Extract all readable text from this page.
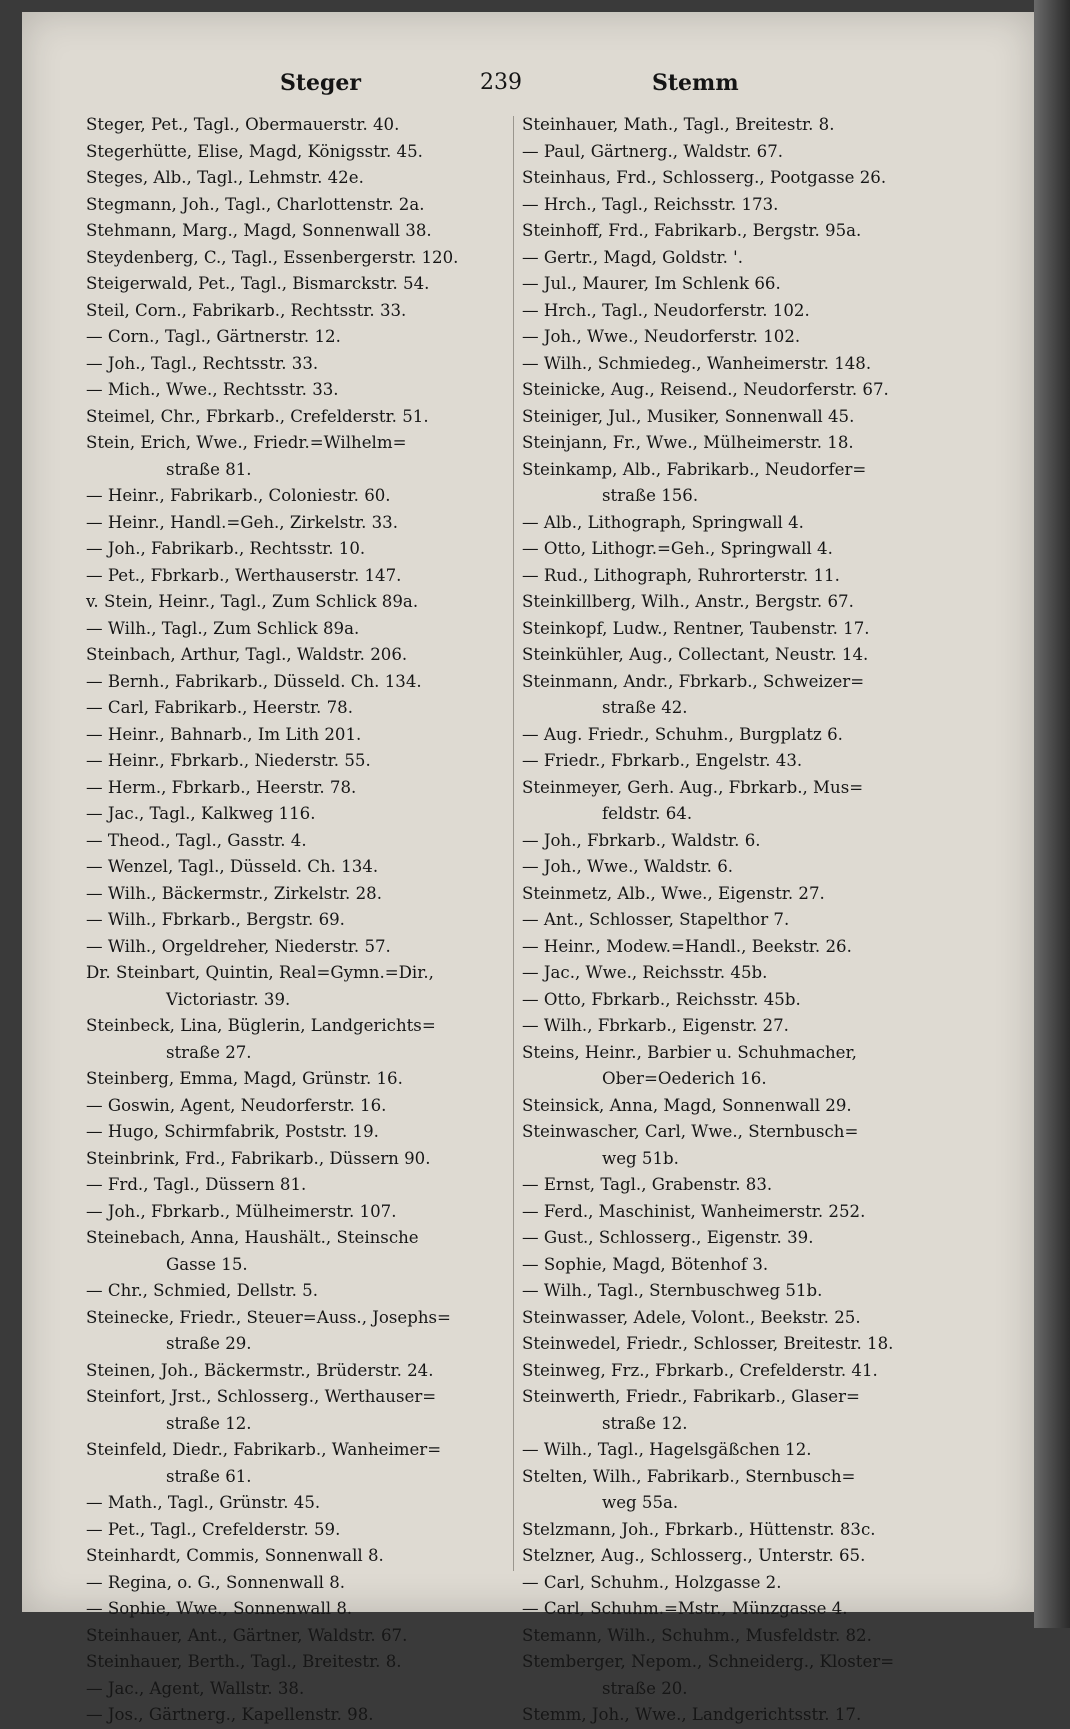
Steger	239	Stemm
Steger, Pet., Tagl., Obermauerstr. 40.
Stegerhütte, Elise, Magd, Königsstr. 45.
Steges, Alb., Tagl., Lehmstr. 42e.
Stegmann, Joh., Tagl., Charlottenstr. 2a.
Stehmann, Marg., Magd, Sonnenwall 38.
Steydenberg, C., Tagl., Essenbergerstr. 120.
Steigerwald, Pet., Tagl., Bismarckstr. 54.
Steil, Corn., Fabrikarb., Rechtsstr. 33.
— Corn., Tagl., Gärtnerstr. 12.
— Joh., Tagl., Rechtsstr. 33.
— Mich., Wwe., Rechtsstr. 33.
Steimel, Chr., Fbrkarb., Crefelderstr. 51.
Stein, Erich, Wwe., Friedr.=Wilhelm=
straße 81.
— Heinr., Fabrikarb., Coloniestr. 60.
— Heinr., Handl.=Geh., Zirkelstr. 33.
— Joh., Fabrikarb., Rechtsstr. 10.
— Pet., Fbrkarb., Werthauserstr. 147.
v. Stein, Heinr., Tagl., Zum Schlick 89a.
— Wilh., Tagl., Zum Schlick 89a.
Steinbach, Arthur, Tagl., Waldstr. 206.
— Bernh., Fabrikarb., Düsseld. Ch. 134.
— Carl, Fabrikarb., Heerstr. 78.
— Heinr., Bahnarb., Im Lith 201.
— Heinr., Fbrkarb., Niederstr. 55.
— Herm., Fbrkarb., Heerstr. 78.
— Jac., Tagl., Kalkweg 116.
— Theod., Tagl., Gasstr. 4.
— Wenzel, Tagl., Düsseld. Ch. 134.
— Wilh., Bäckermstr., Zirkelstr. 28.
— Wilh., Fbrkarb., Bergstr. 69.
— Wilh., Orgeldreher, Niederstr. 57.
Dr. Steinbart, Quintin, Real=Gymn.=Dir.,
Victoriastr. 39.
Steinbeck, Lina, Büglerin, Landgerichts=
straße 27.
Steinberg, Emma, Magd, Grünstr. 16.
— Goswin, Agent, Neudorferstr. 16.
— Hugo, Schirmfabrik, Poststr. 19.
Steinbrink, Frd., Fabrikarb., Düssern 90.
— Frd., Tagl., Düssern 81.
— Joh., Fbrkarb., Mülheimerstr. 107.
Steinebach, Anna, Haushält., Steinsche
Gasse 15.
— Chr., Schmied, Dellstr. 5.
Steinecke, Friedr., Steuer=Auss., Josephs=
straße 29.
Steinen, Joh., Bäckermstr., Brüderstr. 24.
Steinfort, Jrst., Schlosserg., Werthauser=
straße 12.
Steinfeld, Diedr., Fabrikarb., Wanheimer=
straße 61.
— Math., Tagl., Grünstr. 45.
— Pet., Tagl., Crefelderstr. 59.
Steinhardt, Commis, Sonnenwall 8.
— Regina, o. G., Sonnenwall 8.
— Sophie, Wwe., Sonnenwall 8.
Steinhauer, Ant., Gärtner, Waldstr. 67.
Steinhauer, Berth., Tagl., Breitestr. 8.
— Jac., Agent, Wallstr. 38.
— Jos., Gärtnerg., Kapellenstr. 98.
Steinhauer, Math., Tagl., Breitestr. 8.
— Paul, Gärtnerg., Waldstr. 67.
Steinhaus, Frd., Schlosserg., Pootgasse 26.
— Hrch., Tagl., Reichsstr. 173.
Steinhoff, Frd., Fabrikarb., Bergstr. 95a.
— Gertr., Magd, Goldstr. '.
— Jul., Maurer, Im Schlenk 66.
— Hrch., Tagl., Neudorferstr. 102.
— Joh., Wwe., Neudorferstr. 102.
— Wilh., Schmiedeg., Wanheimerstr. 148.
Steinicke, Aug., Reisend., Neudorferstr. 67.
Steiniger, Jul., Musiker, Sonnenwall 45.
Steinjann, Fr., Wwe., Mülheimerstr. 18.
Steinkamp, Alb., Fabrikarb., Neudorfer=
straße 156.
— Alb., Lithograph, Springwall 4.
— Otto, Lithogr.=Geh., Springwall 4.
— Rud., Lithograph, Ruhrorterstr. 11.
Steinkillberg, Wilh., Anstr., Bergstr. 67.
Steinkopf, Ludw., Rentner, Taubenstr. 17.
Steinkühler, Aug., Collectant, Neustr. 14.
Steinmann, Andr., Fbrkarb., Schweizer=
straße 42.
— Aug. Friedr., Schuhm., Burgplatz 6.
— Friedr., Fbrkarb., Engelstr. 43.
Steinmeyer, Gerh. Aug., Fbrkarb., Mus=
feldstr. 64.
— Joh., Fbrkarb., Waldstr. 6.
— Joh., Wwe., Waldstr. 6.
Steinmetz, Alb., Wwe., Eigenstr. 27.
— Ant., Schlosser, Stapelthor 7.
— Heinr., Modew.=Handl., Beekstr. 26.
— Jac., Wwe., Reichsstr. 45b.
— Otto, Fbrkarb., Reichsstr. 45b.
— Wilh., Fbrkarb., Eigenstr. 27.
Steins, Heinr., Barbier u. Schuhmacher,
Ober=Oederich 16.
Steinsick, Anna, Magd, Sonnenwall 29.
Steinwascher, Carl, Wwe., Sternbusch=
weg 51b.
— Ernst, Tagl., Grabenstr. 83.
— Ferd., Maschinist, Wanheimerstr. 252.
— Gust., Schlosserg., Eigenstr. 39.
— Sophie, Magd, Bötenhof 3.
— Wilh., Tagl., Sternbuschweg 51b.
Steinwasser, Adele, Volont., Beekstr. 25.
Steinwedel, Friedr., Schlosser, Breitestr. 18.
Steinweg, Frz., Fbrkarb., Crefelderstr. 41.
Steinwerth, Friedr., Fabrikarb., Glaser=
straße 12.
— Wilh., Tagl., Hagelsgäßchen 12.
Stelten, Wilh., Fabrikarb., Sternbusch=
weg 55a.
Stelzmann, Joh., Fbrkarb., Hüttenstr. 83c.
Stelzner, Aug., Schlosserg., Unterstr. 65.
— Carl, Schuhm., Holzgasse 2.
— Carl, Schuhm.=Mstr., Münzgasse 4.
Stemann, Wilh., Schuhm., Musfeldstr. 82.
Stemberger, Nepom., Schneiderg., Kloster=
straße 20.
Stemm, Joh., Wwe., Landgerichtsstr. 17.
